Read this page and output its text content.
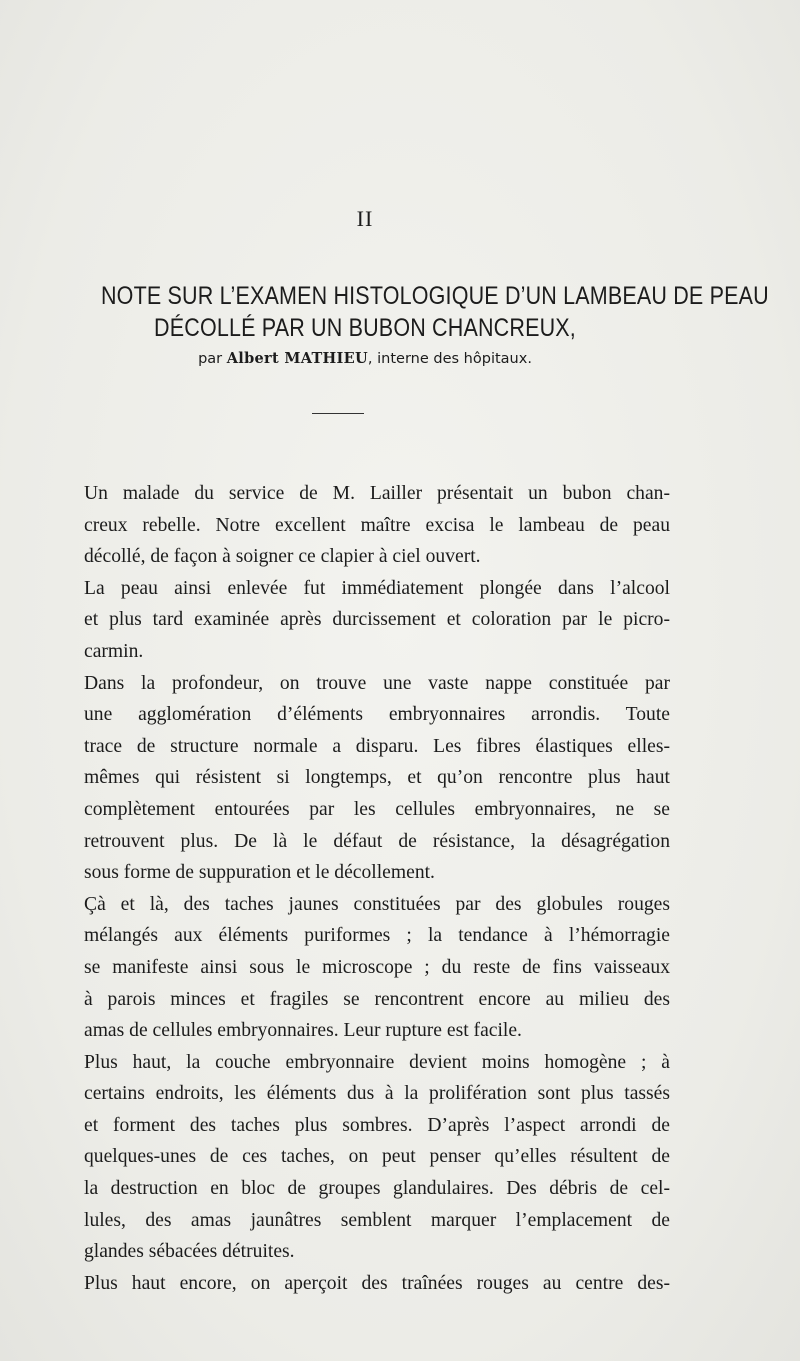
II
NOTE SUR L’EXAMEN HISTOLOGIQUE D’UN LAMBEAU DE PEAU
DÉCOLLÉ PAR UN BUBON CHANCREUX,
par Albert MATHIEU, interne des hôpitaux.

Un malade du service de M. Lailler présentait un bubon chan-
creux rebelle. Notre excellent maître excisa le lambeau de peau
décollé, de façon à soigner ce clapier à ciel ouvert.

La peau ainsi enlevée fut immédiatement plongée dans l’alcool
et plus tard examinée après durcissement et coloration par le picro-
carmin.

Dans la profondeur, on trouve une vaste nappe constituée par
une agglomération d’éléments embryonnaires arrondis. Toute
trace de structure normale a disparu. Les fibres élastiques elles-
mêmes qui résistent si longtemps, et qu’on rencontre plus haut
complètement entourées par les cellules embryonnaires, ne se
retrouvent plus. De là le défaut de résistance, la désagrégation
sous forme de suppuration et le décollement.

Çà et là, des taches jaunes constituées par des globules rouges
mélangés aux éléments puriformes ; la tendance à l’hémorragie
se manifeste ainsi sous le microscope ; du reste de fins vaisseaux
à parois minces et fragiles se rencontrent encore au milieu des
amas de cellules embryonnaires. Leur rupture est facile.

Plus haut, la couche embryonnaire devient moins homogène ; à
certains endroits, les éléments dus à la prolifération sont plus tassés
et forment des taches plus sombres. D’après l’aspect arrondi de
quelques-unes de ces taches, on peut penser qu’elles résultent de
la destruction en bloc de groupes glandulaires. Des débris de cel-
lules, des amas jaunâtres semblent marquer l’emplacement de
glandes sébacées détruites.

Plus haut encore, on aperçoit des traînées rouges au centre des-
